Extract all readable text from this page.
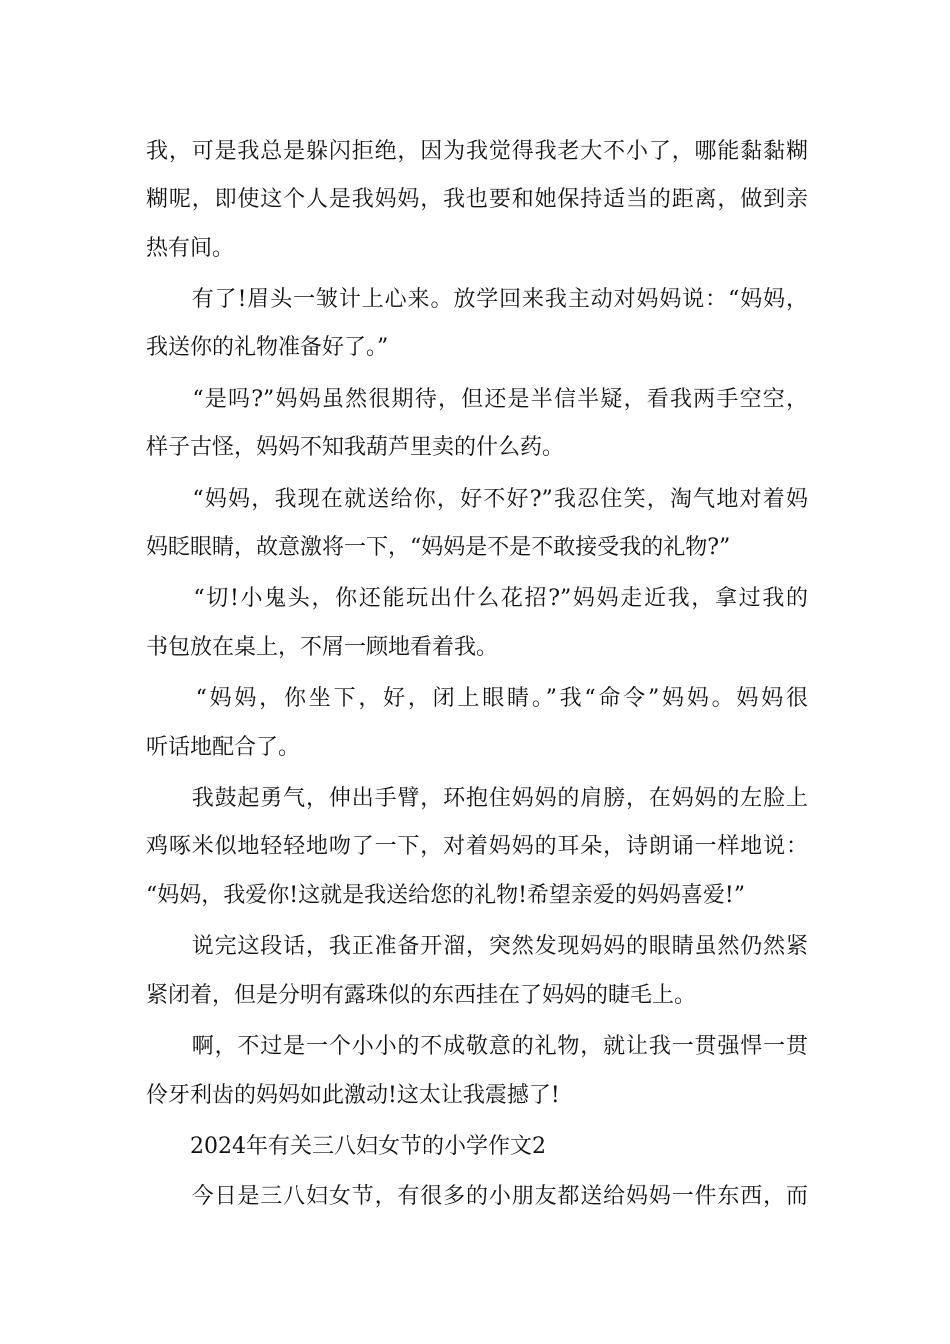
我，可是我总是躲闪拒绝，因为我觉得我老大不小了，哪能黏黏糊
糊呢，即使这个人是我妈妈，我也要和她保持适当的距离，做到亲
热有间。
　　有了!眉头一皱计上心来。放学回来我主动对妈妈说：“妈妈，
我送你的礼物准备好了。”
　　“是吗?”妈妈虽然很期待，但还是半信半疑，看我两手空空，
样子古怪，妈妈不知我葫芦里卖的什么药。
　　“妈妈，我现在就送给你，好不好?”我忍住笑，淘气地对着妈
妈眨眼睛，故意激将一下，“妈妈是不是不敢接受我的礼物?”
　　“切!小鬼头，你还能玩出什么花招?”妈妈走近我，拿过我的
书包放在桌上，不屑一顾地看着我。
　　“妈妈，你坐下，好，闭上眼睛。”我“命令”妈妈。妈妈很
听话地配合了。
　　我鼓起勇气，伸出手臂，环抱住妈妈的肩膀，在妈妈的左脸上
鸡啄米似地轻轻地吻了一下，对着妈妈的耳朵，诗朗诵一样地说：
“妈妈，我爱你!这就是我送给您的礼物!希望亲爱的妈妈喜爱!”
　　说完这段话，我正准备开溜，突然发现妈妈的眼睛虽然仍然紧
紧闭着，但是分明有露珠似的东西挂在了妈妈的睫毛上。
　　啊，不过是一个小小的不成敬意的礼物，就让我一贯强悍一贯
伶牙利齿的妈妈如此激动!这太让我震撼了!
　　2024年有关三八妇女节的小学作文2
　　今日是三八妇女节，有很多的小朋友都送给妈妈一件东西，而
